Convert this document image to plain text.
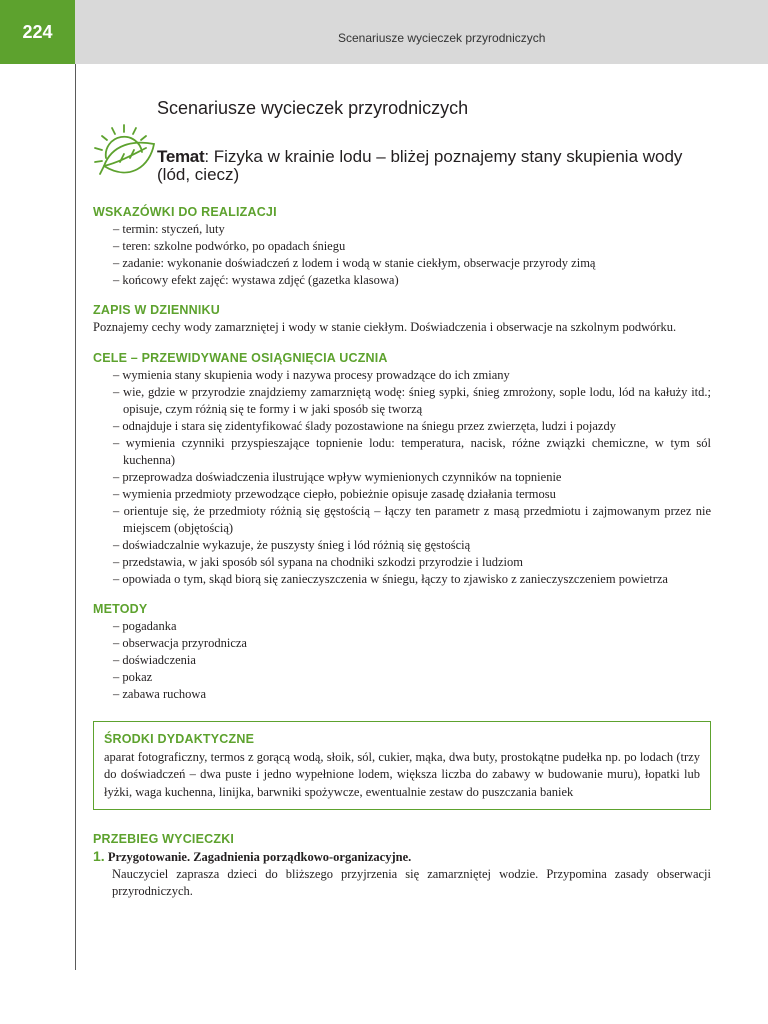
224	Scenariusze wycieczek przyrodniczych
Scenariusze wycieczek przyrodniczych
Temat: Fizyka w krainie lodu – bliżej poznajemy stany skupienia wody (lód, ciecz)
WSKAZÓWKI DO REALIZACJI
– termin: styczeń, luty
– teren: szkolne podwórko, po opadach śniegu
– zadanie: wykonanie doświadczeń z lodem i wodą w stanie ciekłym, obserwacje przyrody zimą
– końcowy efekt zajęć: wystawa zdjęć (gazetka klasowa)
ZAPIS W DZIENNIKU

Poznajemy cechy wody zamarzniętej i wody w stanie ciekłym. Doświadczenia i obserwacje na szkolnym podwórku.

CELE – PRZEWIDYWANE OSIĄGNIĘCIA UCZNIA
– wymienia stany skupienia wody i nazywa procesy prowadzące do ich zmiany
– wie, gdzie w przyrodzie znajdziemy zamarzniętą wodę: śnieg sypki, śnieg zmrożony, sople lodu, lód na kałuży itd.; opisuje, czym różnią się te formy i w jaki sposób się tworzą
– odnajduje i stara się zidentyfikować ślady pozostawione na śniegu przez zwierzęta, ludzi i pojazdy
– wymienia czynniki przyspieszające topnienie lodu: temperatura, nacisk, różne związki chemiczne, w tym sól kuchenna)
– przeprowadza doświadczenia ilustrujące wpływ wymienionych czynników na topnienie
– wymienia przedmioty przewodzące ciepło, pobieżnie opisuje zasadę działania termosu
– orientuje się, że przedmioty różnią się gęstością – łączy ten parametr z masą przedmiotu i zajmowanym przez nie miejscem (objętością)
– doświadczalnie wykazuje, że puszysty śnieg i lód różnią się gęstością
– przedstawia, w jaki sposób sól sypana na chodniki szkodzi przyrodzie i ludziom
– opowiada o tym, skąd biorą się zanieczyszczenia w śniegu, łączy to zjawisko z zanieczyszczeniem powietrza
METODY
– pogadanka
– obserwacja przyrodnicza
– doświadczenia
– pokaz
– zabawa ruchowa
ŚRODKI DYDAKTYCZNE

aparat fotograficzny, termos z gorącą wodą, słoik, sól, cukier, mąka, dwa buty, prostokątne pudełka np. po lodach (trzy do doświadczeń – dwa puste i jedno wypełnione lodem, większa liczba do zabawy w budowanie muru), łopatki lub łyżki, waga kuchenna, linijka, barwniki spożywcze, ewentualnie zestaw do puszczania baniek

PRZEBIEG WYCIECZKI
1. Przygotowanie. Zagadnienia porządkowo-organizacyjne.
Nauczyciel zaprasza dzieci do bliższego przyjrzenia się zamarzniętej wodzie. Przypomina zasady obserwacji przyrodniczych.
